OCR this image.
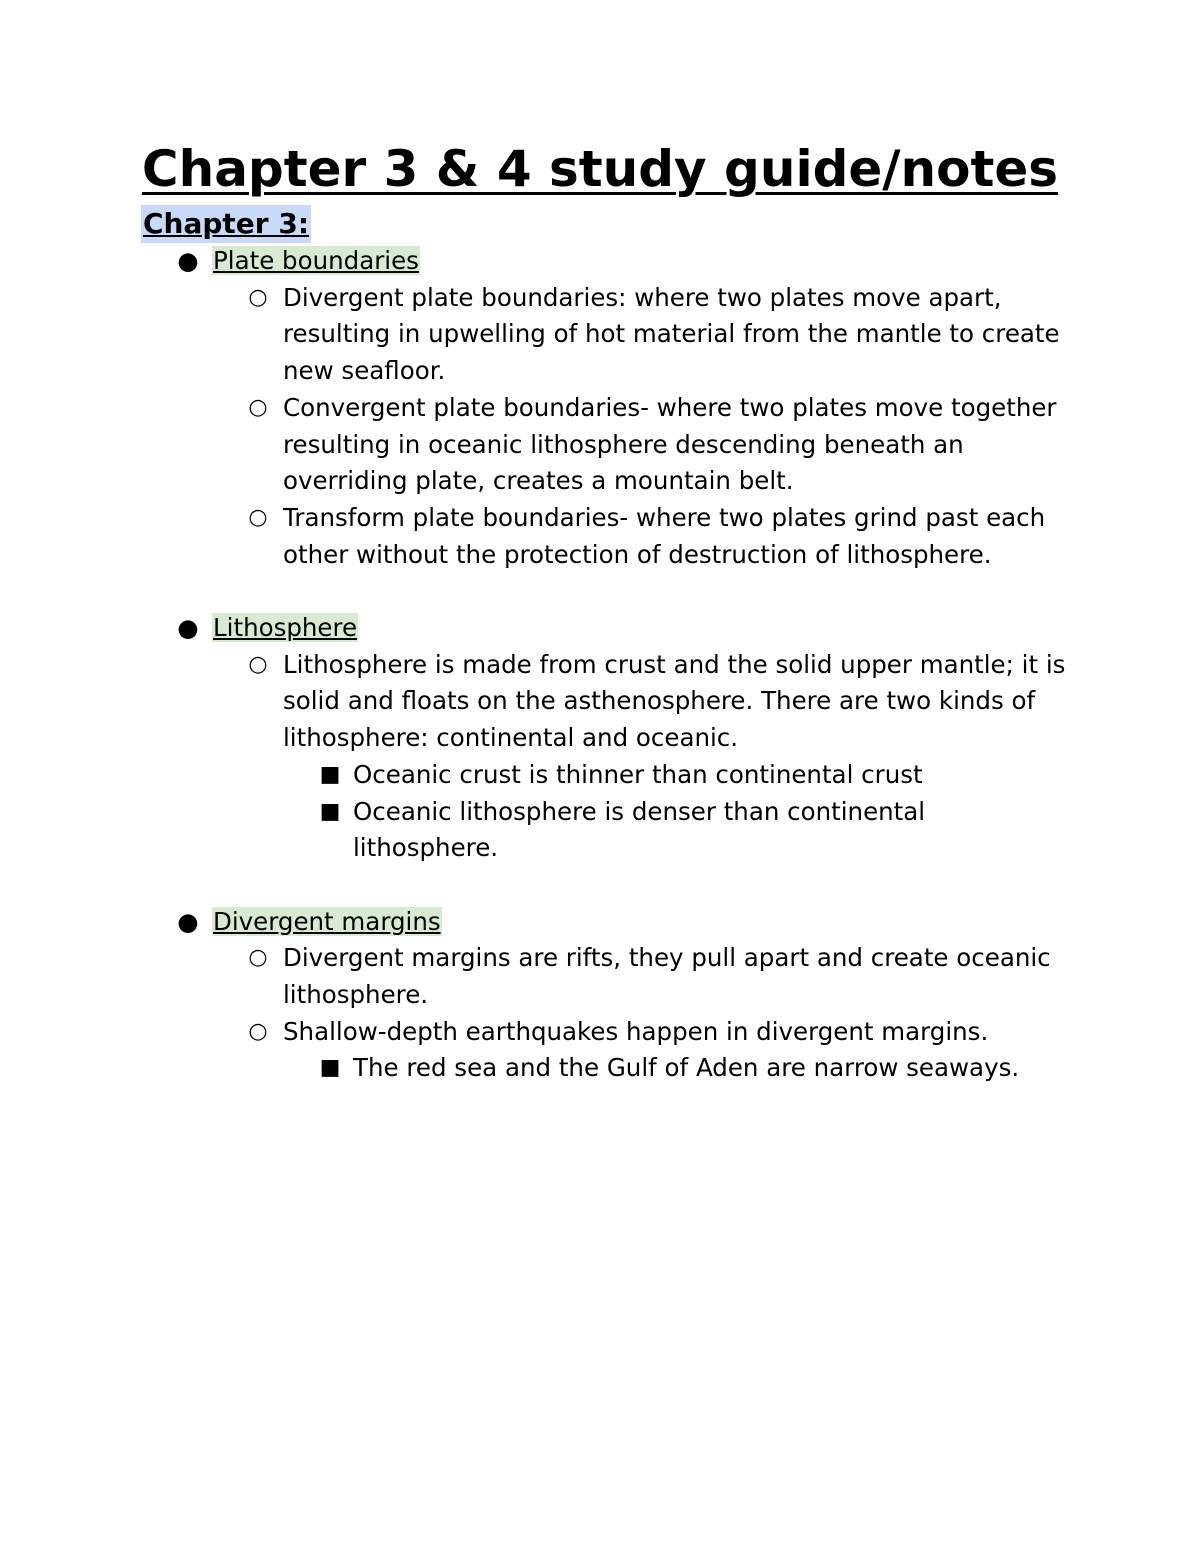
Chapter 3 & 4 study guide/notes
Chapter 3:
● Plate boundaries
○ Divergent plate boundaries: where two plates move apart, resulting in upwelling of hot material from the mantle to create new seafloor.
○ Convergent plate boundaries- where two plates move together resulting in oceanic lithosphere descending beneath an overriding plate, creates a mountain belt.
○ Transform plate boundaries- where two plates grind past each other without the protection of destruction of lithosphere.
● Lithosphere
○ Lithosphere is made from crust and the solid upper mantle; it is solid and floats on the asthenosphere. There are two kinds of lithosphere: continental and oceanic.
■ Oceanic crust is thinner than continental crust
■ Oceanic lithosphere is denser than continental lithosphere.
● Divergent margins
○ Divergent margins are rifts, they pull apart and create oceanic lithosphere.
○ Shallow-depth earthquakes happen in divergent margins.
■ The red sea and the Gulf of Aden are narrow seaways.
